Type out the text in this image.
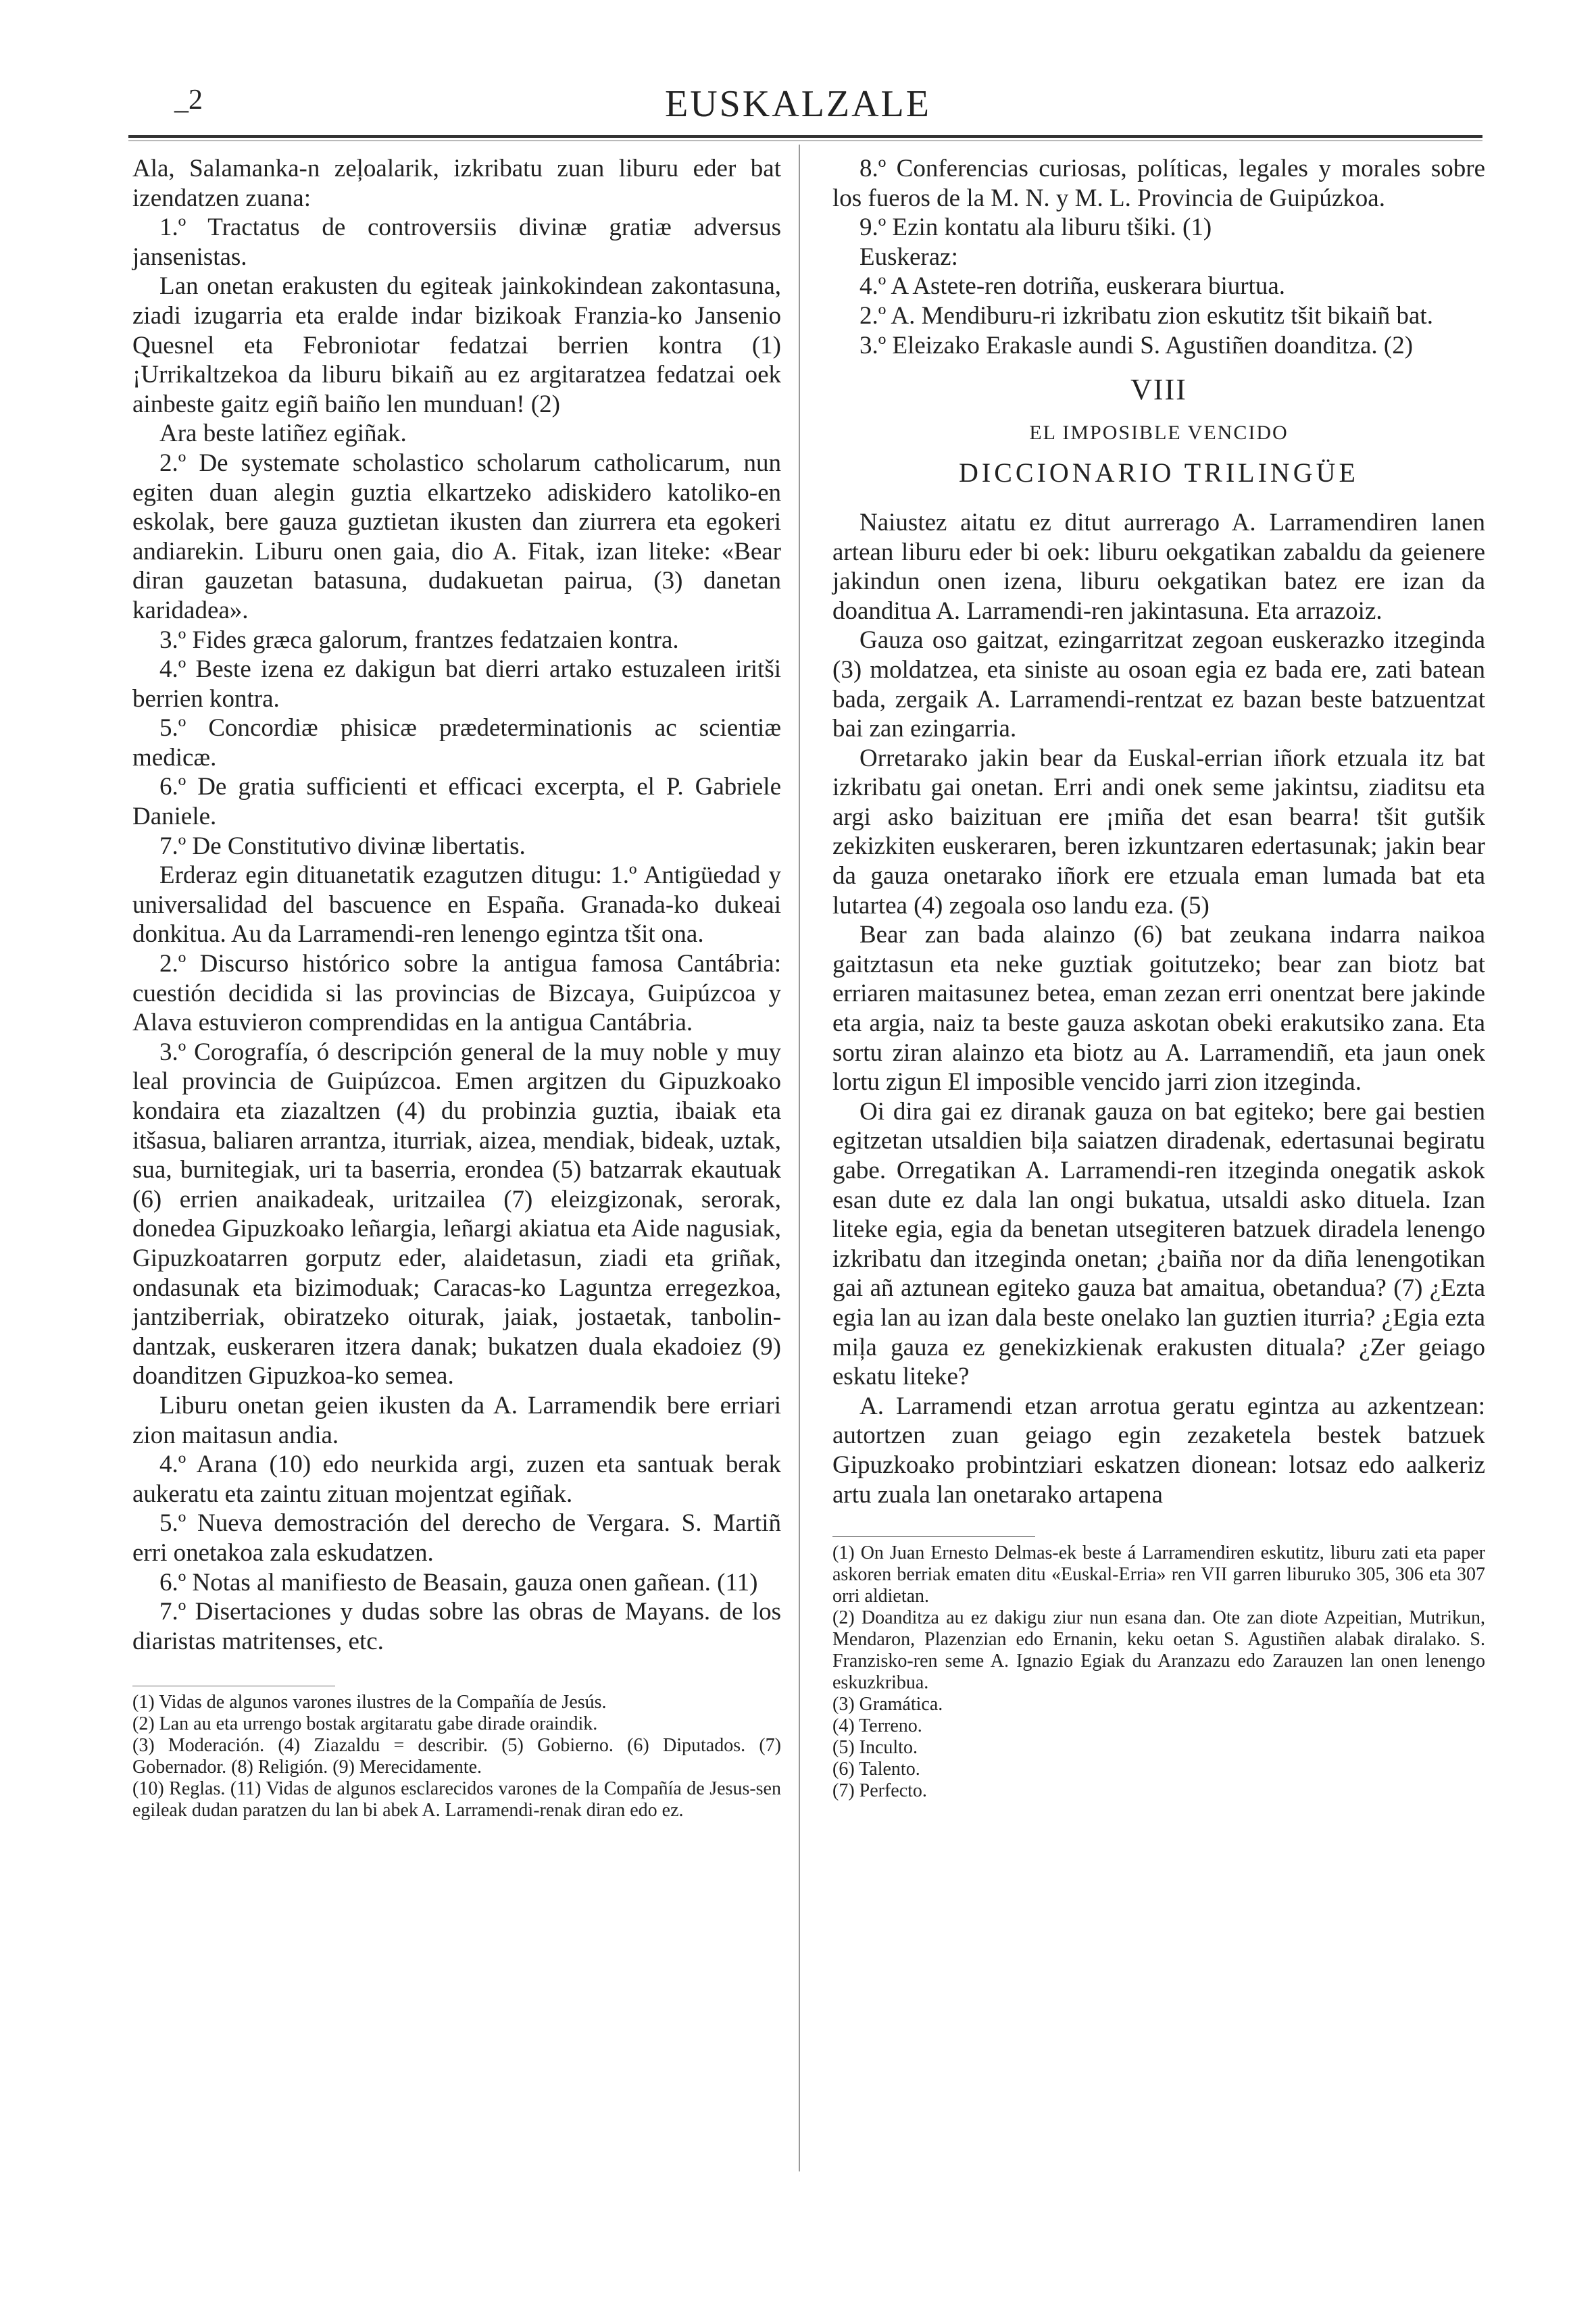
_2	EUSKALZALE

Ala, Salamanka-n zeļoalarik, izkribatu zuan liburu eder bat izendatzen zuana:

1.º Tractatus de controversiis divinæ gratiæ adversus jansenistas.

Lan onetan erakusten du egiteak jainkokindean zakontasuna, ziadi izugarria eta eralde indar bizikoak Franzia-ko Jansenio Quesnel eta Febroniotar fedatzai berrien kontra (1) ¡Urrikaltzekoa da liburu bikaiñ au ez argitaratzea fedatzai oek ainbeste gaitz egiñ baiño len munduan! (2)

Ara beste latiñez egiñak.

2.º De systemate scholastico scholarum catholicarum, nun egiten duan alegin guztia elkartzeko adiskidero katoliko-en eskolak, bere gauza guztietan ikusten dan ziurrera eta egokeri andiarekin. Liburu onen gaia, dio A. Fitak, izan liteke: «Bear diran gauzetan batasuna, dudakuetan pairua, (3) danetan karidadea».

3.º Fides græca galorum, frantzes fedatzaien kontra.

4.º Beste izena ez dakigun bat dierri artako estuzaleen iritši berrien kontra.

5.º Concordiæ phisicæ prædeterminationis ac scientiæ medicæ.

6.º De gratia sufficienti et efficaci excerpta, el P. Gabriele Daniele.

7.º De Constitutivo divinæ libertatis.

Erderaz egin dituanetatik ezagutzen ditugu: 1.º Antigüedad y universalidad del bascuence en España. Granada-ko dukeai donkitua. Au da Larramendi-ren lenengo egintza tšit ona.

2.º Discurso histórico sobre la antigua famosa Cantábria: cuestión decidida si las provincias de Bizcaya, Guipúzcoa y Alava estuvieron comprendidas en la antigua Cantábria.

3.º Corografía, ó descripción general de la muy noble y muy leal provincia de Guipúzcoa. Emen argitzen du Gipuzkoako kondaira eta ziazaltzen (4) du probinzia guztia, ibaiak eta itšasua, baliaren arrantza, iturriak, aizea, mendiak, bideak, uztak, sua, burnitegiak, uri ta baserria, erondea (5) batzarrak ekautuak (6) errien anaikadeak, uritzailea (7) eleizgizonak, serorak, donedea Gipuzkoako leñargia, leñargi akiatua eta Aide nagusiak, Gipuzkoatarren gorputz eder, alaidetasun, ziadi eta griñak, ondasunak eta bizimoduak; Caracas-ko Laguntza erregezkoa, jantziberriak, obiratzeko oiturak, jaiak, jostaetak, tanbolin-dantzak, euskeraren itzera danak; bukatzen duala ekadoiez (9) doanditzen Gipuzkoa-ko semea.

Liburu onetan geien ikusten da A. Larramendik bere erriari zion maitasun andia.

4.º Arana (10) edo neurkida argi, zuzen eta santuak berak aukeratu eta zaintu zituan mojentzat egiñak.

5.º Nueva demostración del derecho de Vergara. S. Martiñ erri onetakoa zala eskudatzen.

6.º Notas al manifiesto de Beasain, gauza onen gañean. (11)

7.º Disertaciones y dudas sobre las obras de Mayans. de los diaristas matritenses, etc.

(1) Vidas de algunos varones ilustres de la Compañía de Jesús.
(2) Lan au eta urrengo bostak argitaratu gabe dirade oraindik.
(3) Moderación. (4) Ziazaldu = describir. (5) Gobierno. (6) Diputados. (7) Gobernador. (8) Religión. (9) Merecidamente.
(10) Reglas. (11) Vidas de algunos esclarecidos varones de la Compañía de Jesus-sen egileak dudan paratzen du lan bi abek A. Larramendi-renak diran edo ez.

8.º Conferencias curiosas, políticas, legales y morales sobre los fueros de la M. N. y M. L. Provincia de Guipúzkoa.

9.º Ezin kontatu ala liburu tšiki. (1)

Euskeraz:

4.º A Astete-ren dotriña, euskerara biurtua.

2.º A. Mendiburu-ri izkribatu zion eskutitz tšit bikaiñ bat.

3.º Eleizako Erakasle aundi S. Agustiñen doanditza. (2)

VIII
EL IMPOSIBLE VENCIDO
DICCIONARIO TRILINGÜE

Naiustez aitatu ez ditut aurrerago A. Larramendiren lanen artean liburu eder bi oek: liburu oekgatikan zabaldu da geienere jakindun onen izena, liburu oekgatikan batez ere izan da doanditua A. Larramendi-ren jakintasuna. Eta arrazoiz.

Gauza oso gaitzat, ezingarritzat zegoan euskerazko itzegindа (3) moldatzea, eta siniste au osoan egia ez bada ere, zati batean bada, zergaik A. Larramendi-rentzat ez bazan beste batzuentzat bai zan ezingarria.

Orretarako jakin bear da Euskal-errian iñork etzuala itz bat izkribatu gai onetan. Erri andi onek seme jakintsu, ziaditsu eta argi asko baizituan ere ¡miña det esan bearra! tšit gutšik zekizkiten euskeraren, beren izkuntzaren edertasunak; jakin bear da gauza onetarako iñork ere etzuala eman lumada bat eta lutartea (4) zegoala oso landu eza. (5)

Bear zan bada alainzo (6) bat zeukana indarra naikoa gaitztasun eta neke guztiak goitutzeko; bear zan biotz bat erriaren maitasunez betea, eman zezan erri onentzat bere jakinde eta argia, naiz ta beste gauza askotan obeki erakutsiko zana. Eta sortu ziran alainzo eta biotz au A. Larramendiñ, eta jaun onek lortu zigun El imposible vencido jarri zion itzegindа.

Oi dira gai ez diranak gauza on bat egiteko; bere gai bestien egitzetan utsaldien biļa saiatzen diradenak, edertasunai begiratu gabe. Orregatikan A. Larramendi-ren itzegindа onegatik askok esan dute ez dala lan ongi bukatua, utsaldi asko dituela. Izan liteke egia, egia da benetan utsegiteren batzuek diradela lenengo izkribatu dan itzegindа onetan; ¿baiña nor da diña lenengotikan gai añ aztunean egiteko gauza bat amaitua, obetandua? (7) ¿Ezta egia lan au izan dala beste onelako lan guztien iturria? ¿Egia ezta miļa gauza ez genekizkienak erakusten dituala? ¿Zer geiago eskatu liteke?

A. Larramendi etzan arrotua geratu egintza au azkentzean: autortzen zuan geiago egin zezaketela bestek batzuek Gipuzkoako probintziari eskatzen dionean: lotsaz edo aalkeriz artu zuala lan onetarako artapena

(1) On Juan Ernesto Delmas-ek beste á Larramendiren eskutitz, liburu zati eta paper askoren berriak ematen ditu «Euskal-Erria» ren VII garren liburuko 305, 306 eta 307 orri aldietan.
(2) Doanditza au ez dakigu ziur nun esana dan. Ote zan diote Azpeitian, Mutrikun, Mendaron, Plazenzian edo Ernanin, keku oetan S. Agustiñen alabak diralako. S. Franzisko-ren seme A. Ignazio Egiak du Aranzazu edo Zarauzen lan onen lenengo eskuzkribua.
(3) Gramática.
(4) Terreno.
(5) Inculto.
(6) Talento.
(7) Perfecto.
